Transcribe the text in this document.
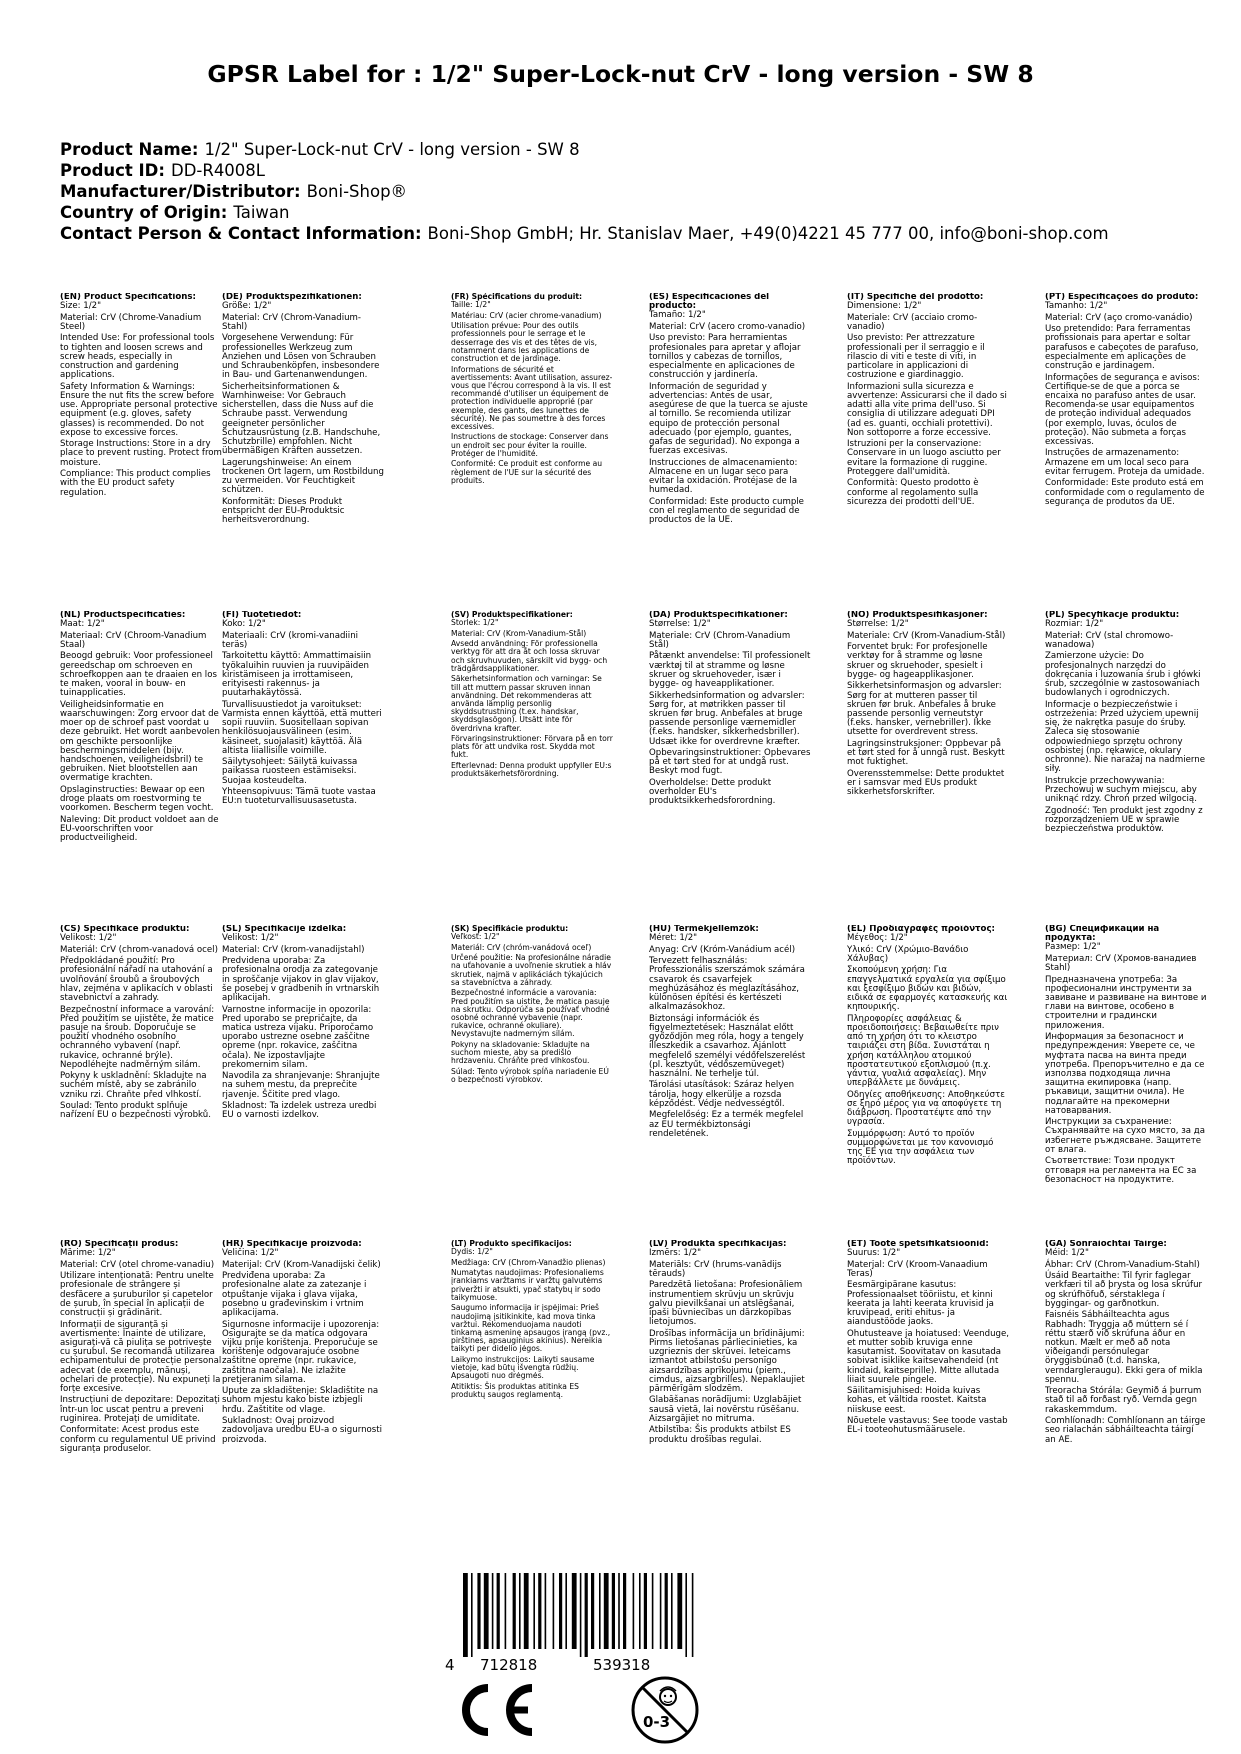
GPSR Label for : 1/2" Super-Lock-nut CrV - long version - SW 8
Product Name: 1/2" Super-Lock-nut CrV - long version - SW 8
Product ID: DD-R4008L
Manufacturer/Distributor: Boni-Shop®
Country of Origin: Taiwan
Contact Person & Contact Information: Boni-Shop GmbH; Hr. Stanislav Maer, +49(0)4221 45 777 00, info@boni-shop.com
(EN) Product Specifications:

Size: 1/2"

Material: CrV (Chrome-Vanadium Steel)

Intended Use: For professional tools to tighten and loosen screws and screw heads, especially in construction and gardening applications.

Safety Information & Warnings: Ensure the nut fits the screw before use. Appropriate personal protective equipment (e.g. gloves, safety glasses) is recommended. Do not expose to excessive forces.

Storage Instructions: Store in a dry place to prevent rusting. Protect from moisture.

Compliance: This product complies with the EU product safety regulation.

(DE) Produktspezifikationen:

Größe: 1/2"

Material: CrV (Chrom-Vanadium-Stahl)

Vorgesehene Verwendung: Für professionelles Werkzeug zum Anziehen und Lösen von Schrauben und Schraubenköpfen, insbesondere in Bau- und Gartenanwendungen.

Sicherheitsinformationen & Warnhinweise: Vor Gebrauch sicherstellen, dass die Nuss auf die Schraube passt. Verwendung geeigneter persönlicher Schutzausrüstung (z.B. Handschuhe, Schutzbrille) empfohlen. Nicht übermäßigen Kräften aussetzen.

Lagerungshinweise: An einem trockenen Ort lagern, um Rostbildung zu vermeiden. Vor Feuchtigkeit schützen.

Konformität: Dieses Produkt entspricht der EU-Produktsic herheitsverordnung.

(FR) Spécifications du produit:

Taille: 1/2"

Matériau: CrV (acier chrome-vanadium)

Utilisation prévue: Pour des outils professionnels pour le serrage et le desserrage des vis et des têtes de vis, notamment dans les applications de construction et de jardinage.

Informations de sécurité et avertissements: Avant utilisation, assurez-vous que l'écrou correspond à la vis. Il est recommandé d'utiliser un équipement de protection individuelle approprié (par exemple, des gants, des lunettes de sécurité). Ne pas soumettre à des forces excessives.

Instructions de stockage: Conserver dans un endroit sec pour éviter la rouille. Protéger de l'humidité.

Conformité: Ce produit est conforme au règlement de l'UE sur la sécurité des produits.

(ES) Especificaciones del producto:

Tamaño: 1/2"

Material: CrV (acero cromo-vanadio)

Uso previsto: Para herramientas profesionales para apretar y aflojar tornillos y cabezas de tornillos, especialmente en aplicaciones de construcción y jardinería.

Información de seguridad y advertencias: Antes de usar, asegúrese de que la tuerca se ajuste al tornillo. Se recomienda utilizar equipo de protección personal adecuado (por ejemplo, guantes, gafas de seguridad). No exponga a fuerzas excesivas.

Instrucciones de almacenamiento: Almacene en un lugar seco para evitar la oxidación. Protéjase de la humedad.

Conformidad: Este producto cumple con el reglamento de seguridad de productos de la UE.

(IT) Specifiche del prodotto:

Dimensione: 1/2"

Materiale: CrV (acciaio cromo-vanadio)

Uso previsto: Per attrezzature professionali per il serraggio e il rilascio di viti e teste di viti, in particolare in applicazioni di costruzione e giardinaggio.

Informazioni sulla sicurezza e avvertenze: Assicurarsi che il dado si adatti alla vite prima dell'uso. Si consiglia di utilizzare adeguati DPI (ad es. guanti, occhiali protettivi). Non sottoporre a forze eccessive.

Istruzioni per la conservazione: Conservare in un luogo asciutto per evitare la formazione di ruggine. Proteggere dall'umidità.

Conformità: Questo prodotto è conforme al regolamento sulla sicurezza dei prodotti dell'UE.

(PT) Especificações do produto:

Tamanho: 1/2"

Material: CrV (aço cromo-vanádio)

Uso pretendido: Para ferramentas profissionais para apertar e soltar parafusos e cabeçotes de parafuso, especialmente em aplicações de construção e jardinagem.

Informações de segurança e avisos: Certifique-se de que a porca se encaixa no parafuso antes de usar. Recomenda-se usar equipamentos de proteção individual adequados (por exemplo, luvas, óculos de proteção). Não submeta a forças excessivas.

Instruções de armazenamento: Armazene em um local seco para evitar ferrugem. Proteja da umidade.

Conformidade: Este produto está em conformidade com o regulamento de segurança de produtos da UE.

(NL) Productspecificaties:

Maat: 1/2"

Materiaal: CrV (Chroom-Vanadium Staal)

Beoogd gebruik: Voor professioneel gereedschap om schroeven en schroefkoppen aan te draaien en los te maken, vooral in bouw- en tuinapplicaties.

Veiligheidsinformatie en waarschuwingen: Zorg ervoor dat de moer op de schroef past voordat u deze gebruikt. Het wordt aanbevolen om geschikte persoonlijke beschermingsmiddelen (bijv. handschoenen, veiligheidsbril) te gebruiken. Niet blootstellen aan overmatige krachten.

Opslaginstructies: Bewaar op een droge plaats om roestvorming te voorkomen. Bescherm tegen vocht.

Naleving: Dit product voldoet aan de EU-voorschriften voor productveiligheid.

(FI) Tuotetiedot:

Koko: 1/2"

Materiaali: CrV (kromi-vanadiini teräs)

Tarkoitettu käyttö: Ammattimaisiin työkaluihin ruuvien ja ruuvipäiden kiristämiseen ja irrottamiseen, erityisesti rakennus- ja puutarhakäytössä.

Turvallisuustiedot ja varoitukset: Varmista ennen käyttöä, että mutteri sopii ruuviin. Suositellaan sopivan henkilösuojausvälineen (esim. käsineet, suojalasit) käyttöä. Älä altista liiallisille voimille.

Säilytysohjeet: Säilytä kuivassa paikassa ruosteen estämiseksi. Suojaa kosteudelta.

Yhteensopivuus: Tämä tuote vastaa EU:n tuoteturvallisuusasetusta.

(SV) Produktspecifikationer:

Storlek: 1/2"

Material: CrV (Krom-Vanadium-Stål)

Avsedd användning: För professionella verktyg för att dra åt och lossa skruvar och skruvhuvuden, särskilt vid bygg- och trädgårdsapplikationer.

Säkerhetsinformation och varningar: Se till att muttern passar skruven innan användning. Det rekommenderas att använda lämplig personlig skyddsutrustning (t.ex. handskar, skyddsglasögon). Utsätt inte för överdrivna krafter.

Förvaringsinstruktioner: Förvara på en torr plats för att undvika rost. Skydda mot fukt.

Efterlevnad: Denna produkt uppfyller EU:s produktsäkerhetsförordning.

(DA) Produktspecifikationer:

Størrelse: 1/2"

Materiale: CrV (Chrom-Vanadium Stål)

Påtænkt anvendelse: Til professionelt værktøj til at stramme og løsne skruer og skruehoveder, især i bygge- og haveapplikationer.

Sikkerhedsinformation og advarsler: Sørg for, at møtrikken passer til skruen før brug. Anbefales at bruge passende personlige værnemidler (f.eks. handsker, sikkerhedsbriller). Udsæt ikke for overdrevne kræfter.

Opbevaringsinstruktioner: Opbevares på et tørt sted for at undgå rust. Beskyt mod fugt.

Overholdelse: Dette produkt overholder EU's produktsikkerhedsforordning.

(NO) Produktspesifikasjoner:

Størrelse: 1/2"

Materiale: CrV (Krom-Vanadium-Stål)

Forventet bruk: For profesjonelle verktøy for å stramme og løsne skruer og skruehoder, spesielt i bygge- og hageapplikasjoner.

Sikkerhetsinformasjon og advarsler: Sørg for at mutteren passer til skruen før bruk. Anbefales å bruke passende personlig verneutstyr (f.eks. hansker, vernebriller). Ikke utsette for overdrevent stress.

Lagringsinstruksjoner: Oppbevar på et tørt sted for å unngå rust. Beskytt mot fuktighet.

Overensstemmelse: Dette produktet er i samsvar med EUs produkt sikkerhetsforskrifter.

(PL) Specyfikacje produktu:

Rozmiar: 1/2"

Materiał: CrV (stal chromowo-wanadowa)

Zamierzone użycie: Do profesjonalnych narzędzi do dokręcania i luzowania śrub i główki śrub, szczególnie w zastosowaniach budowlanych i ogrodniczych.

Informacje o bezpieczeństwie i ostrzeżenia: Przed użyciem upewnij się, że nakrętka pasuje do śruby. Zaleca się stosowanie odpowiedniego sprzętu ochrony osobistej (np. rękawice, okulary ochronne). Nie narażaj na nadmierne siły.

Instrukcje przechowywania: Przechowuj w suchym miejscu, aby uniknąć rdzy. Chroń przed wilgocią.

Zgodność: Ten produkt jest zgodny z rozporządzeniem UE w sprawie bezpieczeństwa produktów.

(CS) Specifikace produktu:

Velikost: 1/2"

Materiál: CrV (chrom-vanadová ocel)

Předpokládané použití: Pro profesionální nářadí na utahování a uvolňování šroubů a šroubových hlav, zejména v aplikacích v oblasti stavebnictví a zahrady.

Bezpečnostní informace a varování: Před použitím se ujistěte, že matice pasuje na šroub. Doporučuje se použití vhodného osobního ochranného vybavení (např. rukavice, ochranné brýle). Nepodléhejte nadměrným silám.

Pokyny k uskladnění: Skladujte na suchém místě, aby se zabránilo vzniku rzi. Chraňte před vlhkostí.

Soulad: Tento produkt splňuje nařízení EU o bezpečnosti výrobků.

(SL) Specifikacije izdelka:

Velikost: 1/2"

Material: CrV (krom-vanadijstahl)

Predvidena uporaba: Za profesionalna orodja za zategovanje in sproščanje vijakov in glav vijakov, še posebej v gradbenih in vrtnarskih aplikacijah.

Varnostne informacije in opozorila: Pred uporabo se prepričajte, da matica ustreza vijaku. Priporočamo uporabo ustrezne osebne zaščitne opreme (npr. rokavice, zaščitna očala). Ne izpostavljajte prekomernim silam.

Navodila za shranjevanje: Shranjujte na suhem mestu, da preprečite rjavenje. Ščitite pred vlago.

Skladnost: Ta izdelek ustreza uredbi EU o varnosti izdelkov.

(SK) Špecifikácie produktu:

Veľkosť: 1/2"

Materiál: CrV (chróm-vanádová oceľ)

Určené použitie: Na profesionálne náradie na uťahovanie a uvoľnenie skrutiek a hláv skrutiek, najmä v aplikáciách týkajúcich sa stavebníctva a záhrady.

Bezpečnostné informácie a varovania: Pred použitím sa uistite, že matica pasuje na skrutku. Odporúča sa používať vhodné osobné ochranné vybavenie (napr. rukavice, ochranné okuliare). Nevystavujte nadmerným silám.

Pokyny na skladovanie: Skladujte na suchom mieste, aby sa predišlo hrdzaveniu. Chráňte pred vlhkosťou.

Súlad: Tento výrobok spĺňa nariadenie EÚ o bezpečnosti výrobkov.

(HU) Termékjellemzők:

Méret: 1/2"

Anyag: CrV (Króm-Vanádium acél)

Tervezett felhasználás: Professzionális szerszámok számára csavarok és csavarfejek meghúzásához és meglazításához, különösen építési és kertészeti alkalmazásokhoz.

Biztonsági információk és figyelmeztetések: Használat előtt győződjön meg róla, hogy a tengely illeszkedik a csavarhoz. Ajánlott megfelelő személyi védőfelszerelést (pl. kesztyűt, védőszemüveget) használni. Ne terhelje túl.

Tárolási utasítások: Száraz helyen tárolja, hogy elkerülje a rozsda képződést. Védje nedvességtől.

Megfelelőség: Ez a termék megfelel az EU termékbiztonsági rendeletének.

(EL) Προδιαγραφές προϊόντος:

Μέγεθος: 1/2"

Υλικό: CrV (Χρώμιο-Βανάδιο Χάλυβας)

Σκοπούμενη χρήση: Για επαγγελματικά εργαλεία για σφίξιμο και ξεσφίξιμο βιδών και βιδών, ειδικά σε εφαρμογές κατασκευής και κηπουρικής.

Πληροφορίες ασφάλειας & προειδοποιήσεις: Βεβαιωθείτε πριν από τη χρήση ότι το κλειστρο ταιριάζει στη βίδα. Συνιστάται η χρήση κατάλληλου ατομικού προστατευτικού εξοπλισμού (π.χ. γάντια, γυαλιά ασφαλείας). Μην υπερβάλλετε με δυνάμεις.

Οδηγίες αποθήκευσης: Αποθηκεύστε σε ξηρό μέρος για να αποφύγετε τη διάβρωση. Προστατέψτε από την υγρασία.

Συμμόρφωση: Αυτό το προϊόν συμμορφώνεται με τον κανονισμό της ΕΕ για την ασφάλεια των προϊόντων.

(BG) Спецификации на продукта:

Размер: 1/2"

Материал: CrV (Хромов-ванадиев Stahl)

Предназначена употреба: За професионални инструменти за завиване и развиване на винтове и глави на винтове, особено в строителни и градински приложения.

Информация за безопасност и предупреждения: Уверете се, че муфтата пасва на винта преди употреба. Препоръчително е да се използва подходяща лична защитна екипировка (напр. ръкавици, защитни очила). Не подлагайте на прекомерни натоварвания.

Инструкции за съхранение: Съхранявайте на сухо място, за да избегнете ръждясване. Защитете от влага.

Съответствие: Този продукт отговаря на регламента на ЕС за безопасност на продуктите.

(RO) Specificații produs:

Mărime: 1/2"

Material: CrV (otel chrome-vanadiu)

Utilizare intenționată: Pentru unelte profesionale de strângere și desfăcere a șuruburilor și capetelor de șurub, în special în aplicații de construcții și grădinărit.

Informații de siguranță și avertismente: Înainte de utilizare, asigurați-vă că piulița se potrivește cu șurubul. Se recomandă utilizarea echipamentului de protecție personal adecvat (de exemplu, mănuși, ochelari de protecție). Nu expuneți la forțe excesive.

Instrucțiuni de depozitare: Depozitați într-un loc uscat pentru a preveni ruginirea. Protejați de umiditate.

Conformitate: Acest produs este conform cu regulamentul UE privind siguranța produselor.

(HR) Specifikacije proizvoda:

Veličina: 1/2"

Materijal: CrV (Krom-Vanadijski čelik)

Predviđena uporaba: Za profesionalne alate za zatezanje i otpuštanje vijaka i glava vijaka, posebno u građevinskim i vrtnim aplikacijama.

Sigurnosne informacije i upozorenja: Osigurajte se da matica odgovara vijku prije korištenja. Preporučuje se korištenje odgovarajuće osobne zaštitne opreme (npr. rukavice, zaštitna naočala). Ne izlažite pretjeranim silama.

Upute za skladištenje: Skladištite na suhom mjestu kako biste izbjegli hrđu. Zaštitite od vlage.

Sukladnost: Ovaj proizvod zadovoljava uredbu EU-a o sigurnosti proizvoda.

(LT) Produkto specifikacijos:

Dydis: 1/2"

Medžiaga: CrV (Chrom-Vanadžio plienas)

Numatytas naudojimas: Profesionaliems įrankiams varžtams ir varžtų galvutėms priveržti ir atsukti, ypač statybų ir sodo taikymuose.

Saugumo informacija ir įspėjimai: Prieš naudojimą įsitikinkite, kad mova tinka varžtui. Rekomenduojama naudoti tinkamą asmeninę apsaugos įrangą (pvz., pirštines, apsauginius akinius). Nereikia taikyti per didelio jėgos.

Laikymo instrukcijos: Laikyti sausame vietoje, kad būtų išvengta rūdžių. Apsaugoti nuo drėgmės.

Atitiktis: Šis produktas atitinka ES produktų saugos reglamentą.

(LV) Produkta specifikācijas:

Izmērs: 1/2"

Materiāls: CrV (hrums-vanādijs tērauds)

Paredzētā lietošana: Profesionāliem instrumentiem skrūvju un skrūvju galvu pievilkšanai un atslēgšanai, īpaši būvniecības un dārzkopības lietojumos.

Drošības informācija un brīdinājumi: Pirms lietošanas pārliecinieties, ka uzgrieznis der skrūvei. Ieteicams izmantot atbilstošu personīgo aizsardzības aprīkojumu (piem., cimdus, aizsargbrilles). Nepaklaujiet pārmērīgām slodzēm.

Glabāšanas norādījumi: Uzglabājiet sausā vietā, lai novērstu rūsēšanu. Aizsargājiet no mitruma.

Atbilstība: Šis produkts atbilst ES produktu drošības regulai.

(ET) Toote spetsifikatsioonid:

Suurus: 1/2"

Materjal: CrV (Kroom-Vanaadium Teras)

Eesmärgipärane kasutus: Professionaalset tööriistu, et kinni keerata ja lahti keerata kruvisid ja kruvipead, eriti ehitus- ja aiandustööde jaoks.

Ohutusteave ja hoiatused: Veenduge, et mutter sobib kruviga enne kasutamist. Soovitatav on kasutada sobivat isiklike kaitsevahendeid (nt kindaid, kaitseprille). Mitte allutada liiait suurele pingele.

Säilitamisjuhised: Hoida kuivas kohas, et vältida roostet. Kaitsta niiskuse eest.

Nõuetele vastavus: See toode vastab EL-i tooteohutusmäärusele.

(GA) Sonraíochtaí Táirge:

Méid: 1/2"

Ábhar: CrV (Chrom-Vanadium-Stahl)

Úsáid Beartaithe: Til fyrir faglegar verkfæri til að þrysta og losa skrúfur og skrúfhöfuð, sérstaklega í byggingar- og garðnotkun.

Faisnéis Sábháilteachta agus Rabhadh: Tryggja að múttern sé í réttu stærð við skrúfuna áður en notkun. Mælt er með að nota viðeigandi persónulegar öryggisbúnað (t.d. hanska, verndargleraugu). Ekki gera of mikla spennu.

Treoracha Stórála: Geymið á þurrum stað til að forðast ryð. Vernda gegn rakaskemmdum.

Comhlíonadh: Comhlíonann an táirge seo rialachán sábháilteachta táirgí an AE.

4 712818	539318
0-3
